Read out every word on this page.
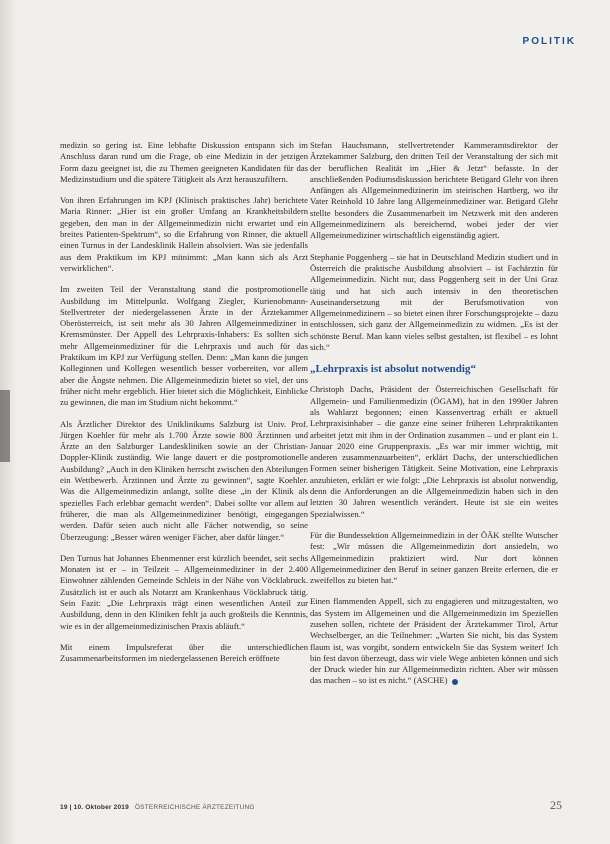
POLITIK

medizin so gering ist. Eine lebhafte Diskussion entspann sich im Anschluss daran rund um die Frage, ob eine Medizin in der jetzigen Form dazu geeignet ist, die zu Themen geeigneten Kandidaten für das Medizinstudium und die spätere Tätigkeit als Arzt herauszufiltern.

Von ihren Erfahrungen im KPJ (Klinisch praktisches Jahr) berichtete Maria Rinner: „Hier ist ein großer Umfang an Krankheitsbildern gegeben, den man in der Allgemeinmedizin nicht erwartet und ein breites Patienten-Spektrum“, so die Erfahrung von Rinner, die aktuell einen Turnus in der Landesklinik Hallein absolviert. Was sie jedenfalls aus dem Praktikum im KPJ mitnimmt: „Man kann sich als Arzt verwirklichen“.

Im zweiten Teil der Veranstaltung stand die postpromotionelle Ausbildung im Mittelpunkt. Wolfgang Ziegler, Kurienobmann-Stellvertreter der niedergelassenen Ärzte in der Ärztekammer Oberösterreich, ist seit mehr als 30 Jahren Allgemeinmediziner in Kremsmünster. Der Appell des Lehrpraxis-Inhabers: Es sollten sich mehr Allgemeinmediziner für die Lehrpraxis und auch für das Praktikum im KPJ zur Verfügung stellen. Denn: „Man kann die jungen Kolleginnen und Kollegen wesentlich besser vorbereiten, vor allem aber die Ängste nehmen. Die Allgemeinmedizin bietet so viel, der uns früher nicht mehr ergeblich. Hier bietet sich die Möglichkeit, Einblicke zu gewinnen, die man im Studium nicht bekommt.“

Als Ärztlicher Direktor des Uniklinikums Salzburg ist Univ. Prof. Jürgen Koehler für mehr als 1.700 Ärzte sowie 800 Ärztinnen und Ärzte an den Salzburger Landeskliniken sowie an der Christian-Doppler-Klinik zuständig. Wie lange dauert er die postpromotionelle Ausbildung? „Auch in den Kliniken herrscht zwischen den Abteilungen ein Wettbewerb. Ärztinnen und Ärzte zu gewinnen“, sagte Koehler. Was die Allgemeinmedizin anlangt, sollte diese „in der Klinik als spezielles Fach erlebbar gemacht werden“. Dabei sollte vor allem auf früherer, die man als Allgemeinmediziner benötigt, eingegangen werden. Dafür seien auch nicht alle Fächer notwendig, so seine Überzeugung: „Besser wären weniger Fächer, aber dafür länger.“

Den Turnus hat Johannes Ebenmenner erst kürzlich beendet, seit sechs Monaten ist er – in Teilzeit – Allgemeinmediziner in der 2.400 Einwohner zählenden Gemeinde Schleis in der Nähe von Vöcklabruck. Zusätzlich ist er auch als Notarzt am Krankenhaus Vöcklabruck tätig. Sein Fazit: „Die Lehrpraxis trägt einen wesentlichen Anteil zur Ausbildung, denn in den Kliniken fehlt ja auch großteils die Kenntnis, wie es in der allgemeinmedizinischen Praxis abläuft.“

Mit einem Impulsreferat über die unterschiedlichen Zusammenarbeitsformen im niedergelassenen Bereich eröffnete

Stefan Hauchsmann, stellvertretender Kammeramtsdirektor der Ärztekammer Salzburg, den dritten Teil der Veranstaltung der sich mit der beruflichen Realität im „Hier & Jetzt“ befasste. In der anschließenden Podiumsdiskussion berichtete Betigard Glehr von ihren Anfängen als Allgemeinmedizinerin im steirischen Hartberg, wo ihr Vater Reinhold 10 Jahre lang Allgemeinmediziner war. Betigard Glehr stellte besonders die Zusammenarbeit im Netzwerk mit den anderen Allgemeinmedizinern als bereichernd, wobei jeder der vier Allgemeinmediziner wirtschaftlich eigenständig agiert.

Stephanie Poggenberg – sie hat in Deutschland Medizin studiert und in Österreich die praktische Ausbildung absolviert – ist Fachärztin für Allgemeinmedizin. Nicht nur, dass Poggenberg seit in der Uni Graz tätig und hat sich auch intensiv in den theoretischen Auseinandersetzung mit der Berufsmotivation von Allgemeinmedizinern – so bietet einen ihrer Forschungsprojekte – dazu entschlossen, sich ganz der Allgemeinmedizin zu widmen. „Es ist der schönste Beruf. Man kann vieles selbst gestalten, ist flexibel – es lohnt sich.“

„Lehrpraxis ist absolut notwendig“

Christoph Dachs, Präsident der Österreichischen Gesellschaft für Allgemein- und Familienmedizin (ÖGAM), hat in den 1990er Jahren als Wahlarzt begonnen; einen Kassenvertrag erhält er aktuell Lehrpraxisinhaber – die ganze eine seiner früheren Lehrpraktikanten arbeitet jetzt mit ihm in der Ordination zusammen – und er plant ein 1. Januar 2020 eine Gruppenpraxis. „Es war mir immer wichtig, mit anderen zusammenzuarbeiten“, erklärt Dachs, der unterschiedlichen Formen seiner bisherigen Tätigkeit. Seine Motivation, eine Lehrpraxis anzubieten, erklärt er wie folgt: „Die Lehrpraxis ist absolut notwendig, denn die Anforderungen an die Allgemeinmedizin haben sich in den letzten 30 Jahren wesentlich verändert. Heute ist sie ein weites Spezialwissen.“

Für die Bundessektion Allgemeinmedizin in der ÖÄK stellte Wutscher fest: „Wir müssen die Allgemeinmedizin dort ansiedeln, wo Allgemeinmedizin praktiziert wird. Nur dort können Allgemeinmediziner den Beruf in seiner ganzen Breite erlernen, die er zweifellos zu bieten hat.“

Einen flammenden Appell, sich zu engagieren und mitzugestalten, wo das System im Allgemeinen und die Allgemeinmedizin im Speziellen zusehen sollen, richtete der Präsident der Ärztekammer Tirol, Artur Wechselberger, an die Teilnehmer: „Warten Sie nicht, bis das System flaum ist, was vorgibt, sondern entwickeln Sie das System weiter! Ich bin fest davon überzeugt, dass wir viele Wege anbieten können und sich der Druck wieder hin zur Allgemeinmedizin richten. Aber wir müssen das machen – so ist es nicht.“ (ASCHE)

19 | 10. Oktober 2019 ÖSTERREICHISCHE ÄRZTEZEITUNG	25
